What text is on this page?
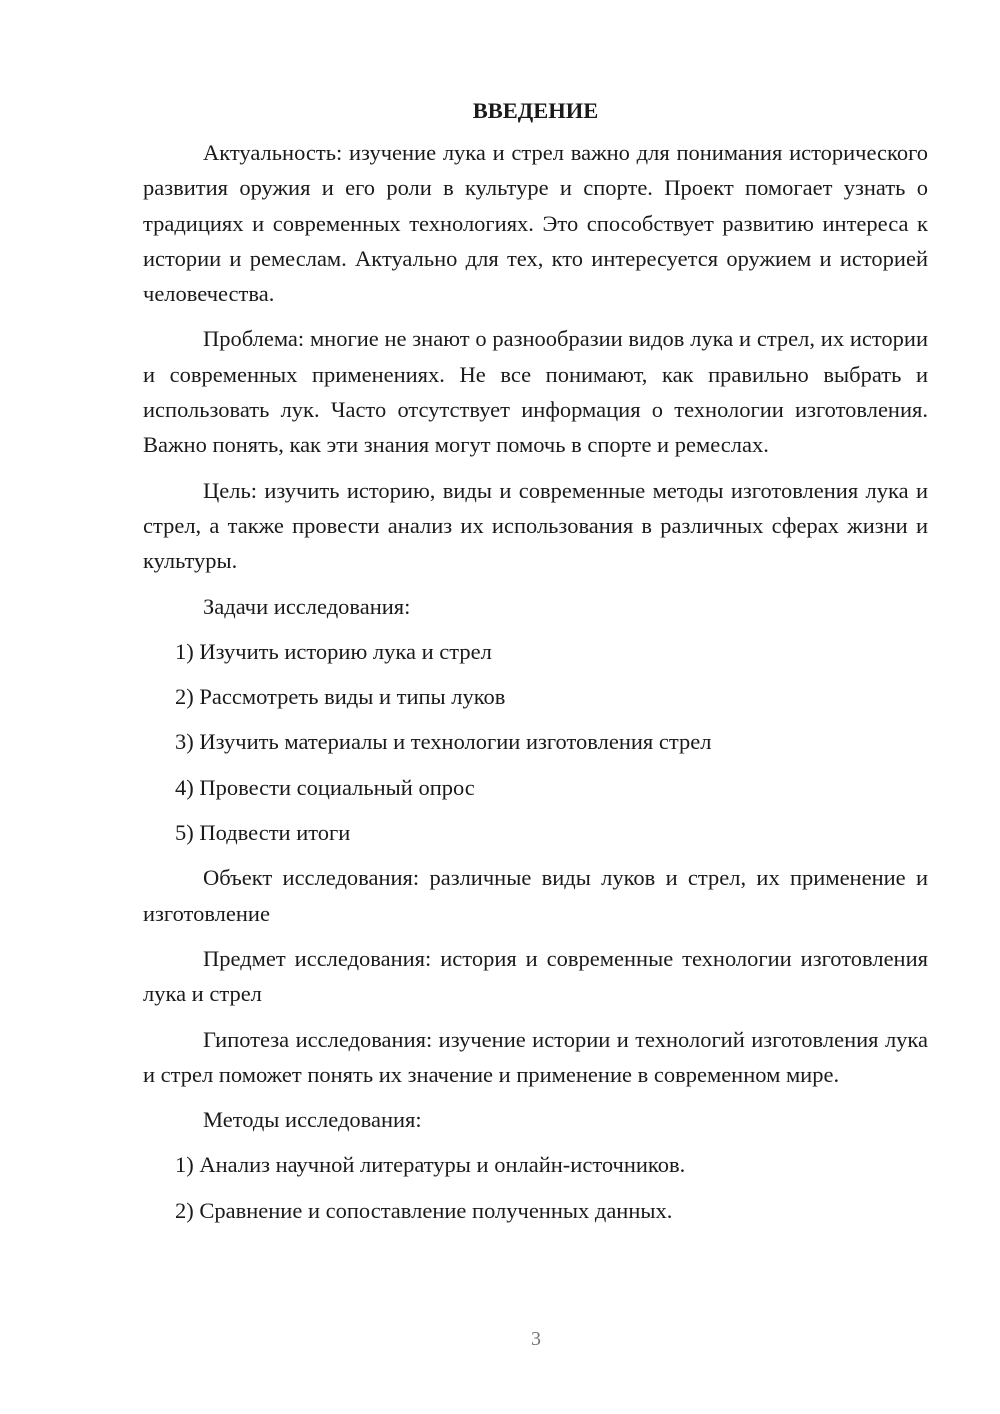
ВВЕДЕНИЕ

Актуальность: изучение лука и стрел важно для понимания исторического развития оружия и его роли в культуре и спорте. Проект помогает узнать о традициях и современных технологиях. Это способствует развитию интереса к истории и ремеслам. Актуально для тех, кто интересуется оружием и историей человечества.

Проблема: многие не знают о разнообразии видов лука и стрел, их истории и современных применениях. Не все понимают, как правильно выбрать и использовать лук. Часто отсутствует информация о технологии изготовления. Важно понять, как эти знания могут помочь в спорте и ремеслах.

Цель: изучить историю, виды и современные методы изготовления лука и стрел, а также провести анализ их использования в различных сферах жизни и культуры.

Задачи исследования:

1) Изучить историю лука и стрел
2) Рассмотреть виды и типы луков
3) Изучить материалы и технологии изготовления стрел
4) Провести социальный опрос
5) Подвести итоги

Объект исследования: различные виды луков и стрел, их применение и изготовление

Предмет исследования: история и современные технологии изготовления лука и стрел

Гипотеза исследования: изучение истории и технологий изготовления лука и стрел поможет понять их значение и применение в современном мире.

Методы исследования:

1) Анализ научной литературы и онлайн-источников.
2) Сравнение и сопоставление полученных данных.
3
